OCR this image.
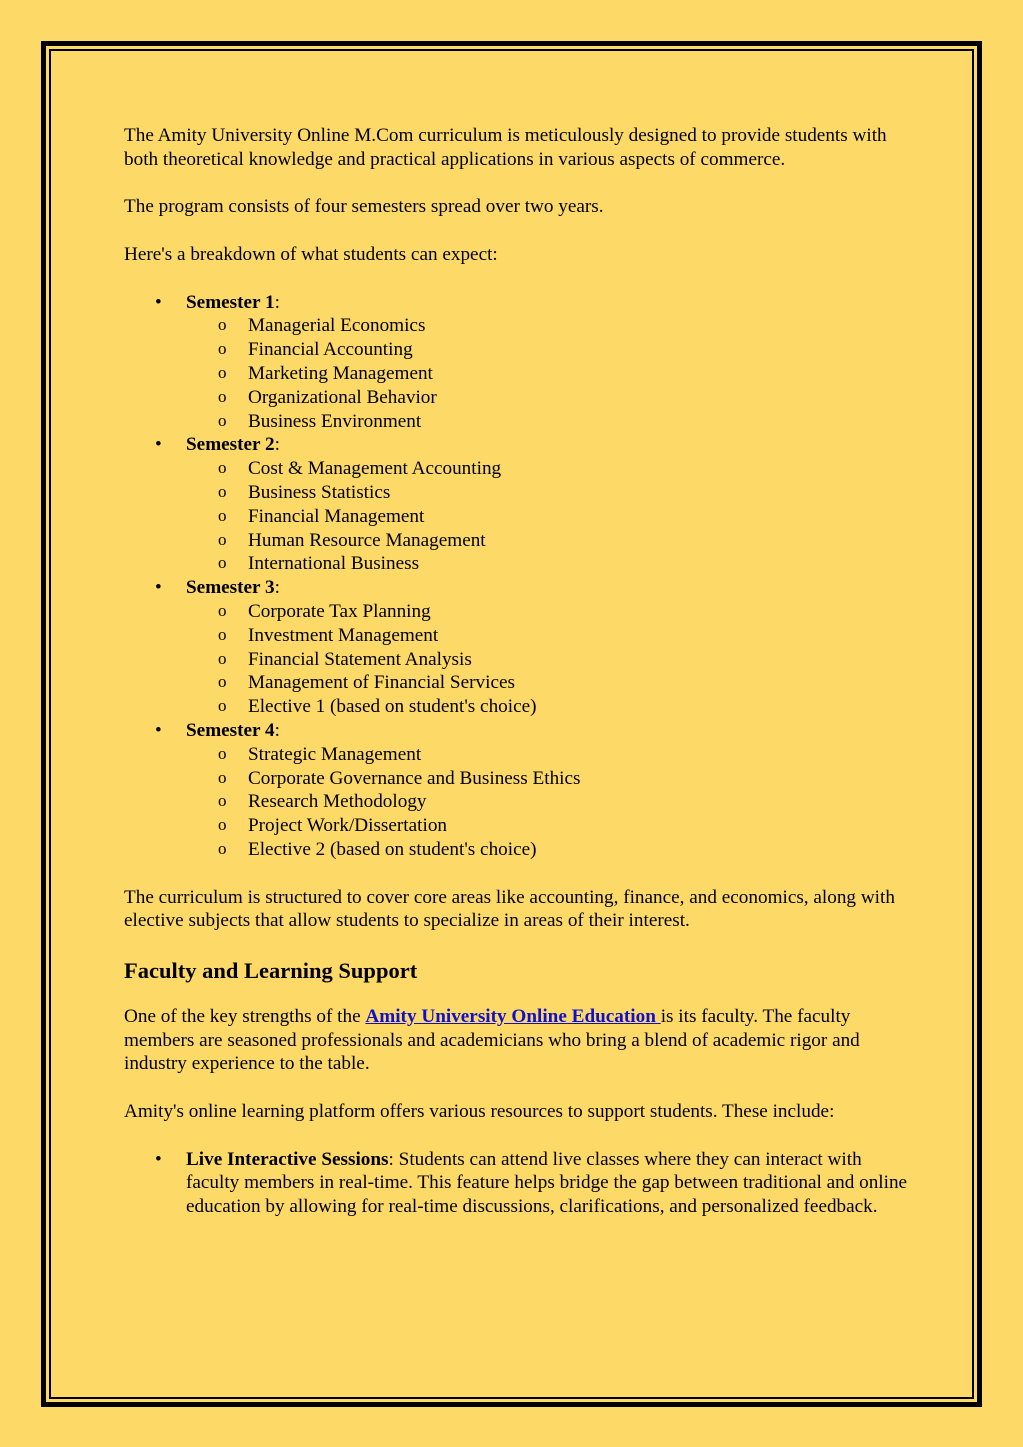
The Amity University Online M.Com curriculum is meticulously designed to provide students with both theoretical knowledge and practical applications in various aspects of commerce.

The program consists of four semesters spread over two years.

Here's a breakdown of what students can expect:

• Semester 1:
o Managerial Economics
o Financial Accounting
o Marketing Management
o Organizational Behavior
o Business Environment
• Semester 2:
o Cost & Management Accounting
o Business Statistics
o Financial Management
o Human Resource Management
o International Business
• Semester 3:
o Corporate Tax Planning
o Investment Management
o Financial Statement Analysis
o Management of Financial Services
o Elective 1 (based on student's choice)
• Semester 4:
o Strategic Management
o Corporate Governance and Business Ethics
o Research Methodology
o Project Work/Dissertation
o Elective 2 (based on student's choice)

The curriculum is structured to cover core areas like accounting, finance, and economics, along with elective subjects that allow students to specialize in areas of their interest.

Faculty and Learning Support

One of the key strengths of the Amity University Online Education is its faculty. The faculty members are seasoned professionals and academicians who bring a blend of academic rigor and industry experience to the table.

Amity's online learning platform offers various resources to support students. These include:

• Live Interactive Sessions: Students can attend live classes where they can interact with faculty members in real-time. This feature helps bridge the gap between traditional and online education by allowing for real-time discussions, clarifications, and personalized feedback.
